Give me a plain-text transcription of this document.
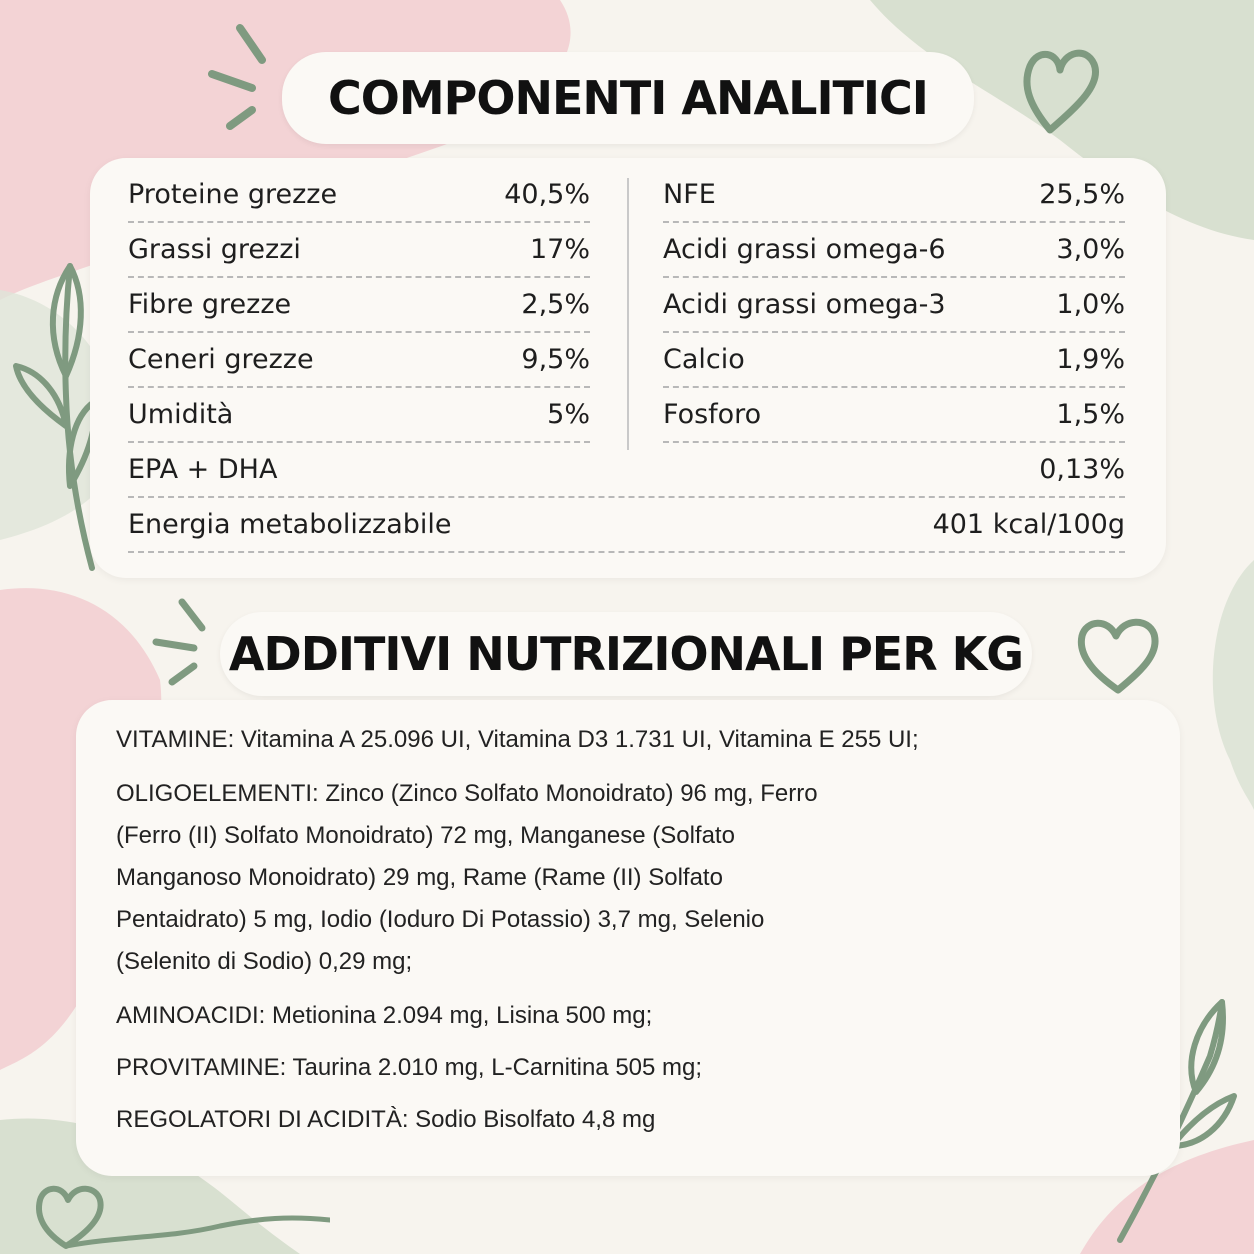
COMPONENTI ANALITICI
Proteine grezze	40,5%
Grassi grezzi	17%
Fibre grezze	2,5%
Ceneri grezze	9,5%
Umidità	5%
NFE	25,5%
Acidi grassi omega-6	3,0%
Acidi grassi omega-3	1,0%
Calcio	1,9%
Fosforo	1,5%
EPA + DHA	0,13%
Energia metabolizzabile	401 kcal/100g
ADDITIVI NUTRIZIONALI PER KG
VITAMINE: Vitamina A 25.096 UI, Vitamina D3 1.731 UI, Vitamina E 255 UI;
OLIGOELEMENTI: Zinco (Zinco Solfato Monoidrato) 96 mg, Ferro
(Ferro (II) Solfato Monoidrato) 72 mg, Manganese (Solfato
Manganoso Monoidrato) 29 mg, Rame (Rame (II) Solfato
Pentaidrato) 5 mg, Iodio (Ioduro Di Potassio) 3,7 mg, Selenio
(Selenito di Sodio) 0,29 mg;
AMINOACIDI: Metionina 2.094 mg, Lisina 500 mg;
PROVITAMINE: Taurina 2.010 mg, L-Carnitina 505 mg;
REGOLATORI DI ACIDITÀ: Sodio Bisolfato 4,8 mg
